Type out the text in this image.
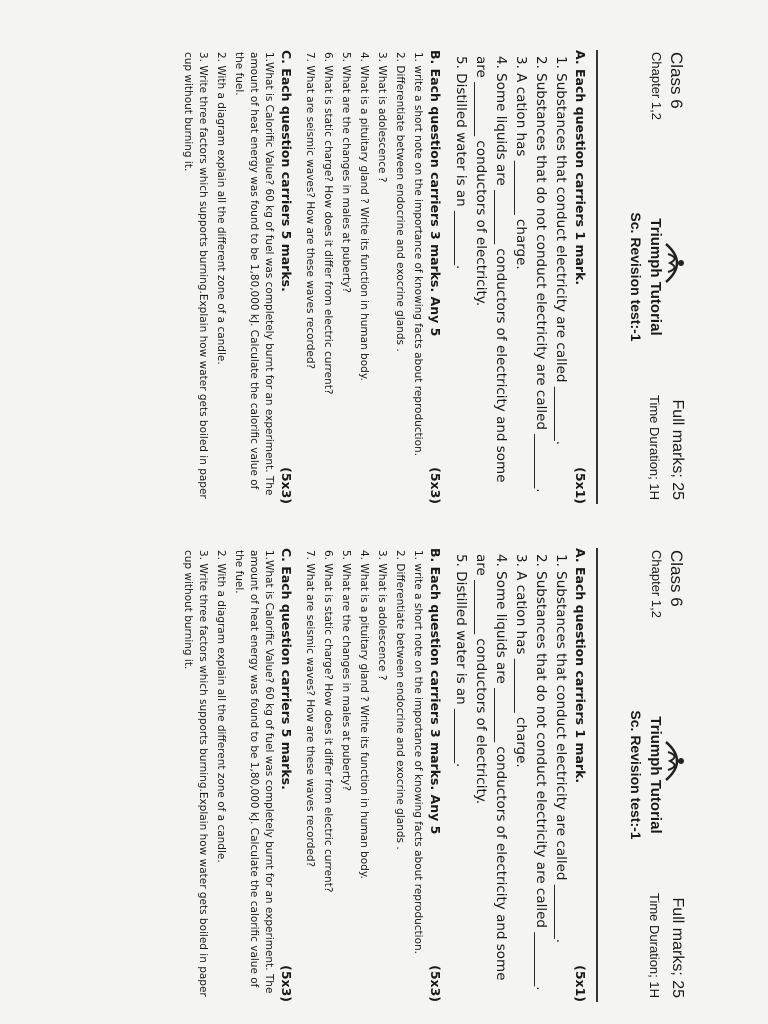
Class 6
Chapter 1,2
Triumph Tutorial
Sc. Revision test:-1
Full marks; 25
Time Duration; 1H
A. Each question carriers 1 mark.
(5x1)
1. Substances that conduct electricity are called ________.
2. Substances that do not conduct electricity are called ________.
3. A cation has ________ charge.
4. Some liquids are ________ conductors of electricity and some are ________ conductors of electricity.
5. Distilled water is an ________.
B. Each question carriers 3 marks. Any 5
(5x3)
1. write a short note on the importance of knowing facts about reproduction.
2. Differentiate between endocrine and exocrine glands .
3. What is adolescence ?
4. What is a pituitary gland ? Write its function in human body.
5. What are the changes in males at puberty?
6. What is static charge? How does it differ from electric current?
7. What are seismic waves? How are these waves recorded?
C. Each question carriers 5 marks.
(5x3)
1.What is Calorific Value? 60 kg of fuel was completely burnt for an experiment. The amount of heat energy was found to be 1,80,000 kJ. Calculate the calorific value of the fuel.
2. With a diagram explain all the different zone of a candle.
3. Write three factors which supports burning.Explain how water gets boiled in paper cup without burning it.
Class 6
Chapter 1,2
Triumph Tutorial
Sc. Revision test:-1
Full marks; 25
Time Duration; 1H
A. Each question carriers 1 mark.
(5x1)
1. Substances that conduct electricity are called ________.
2. Substances that do not conduct electricity are called ________.
3. A cation has ________ charge.
4. Some liquids are ________ conductors of electricity and some are ________ conductors of electricity.
5. Distilled water is an ________.
B. Each question carriers 3 marks. Any 5
(5x3)
1. write a short note on the importance of knowing facts about reproduction.
2. Differentiate between endocrine and exocrine glands .
3. What is adolescence ?
4. What is a pituitary gland ? Write its function in human body.
5. What are the changes in males at puberty?
6. What is static charge? How does it differ from electric current?
7. What are seismic waves? How are these waves recorded?
C. Each question carriers 5 marks.
(5x3)
1.What is Calorific Value? 60 kg of fuel was completely burnt for an experiment. The amount of heat energy was found to be 1,80,000 kJ. Calculate the calorific value of the fuel.
2. With a diagram explain all the different zone of a candle.
3. Write three factors which supports burning.Explain how water gets boiled in paper cup without burning it.
